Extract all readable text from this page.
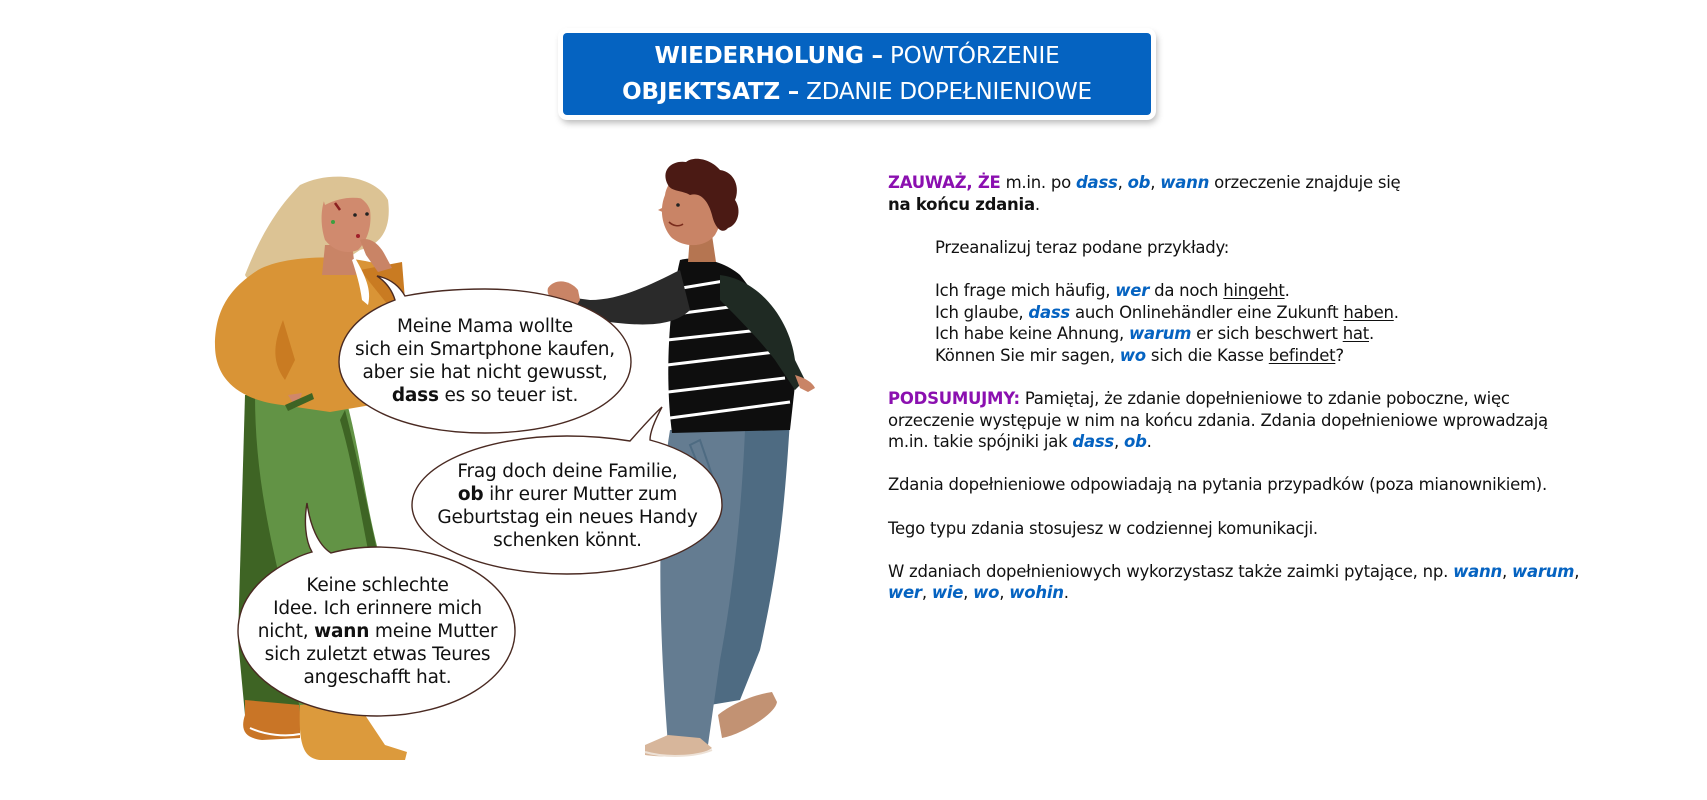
WIEDERHOLUNG – POWTÓRZENIE
OBJEKTSATZ – ZDANIE DOPEŁNIENIOWE
Meine Mama wollte
sich ein Smartphone kaufen,
aber sie hat nicht gewusst,
dass es so teuer ist.
Frag doch deine Familie,
ob ihr eurer Mutter zum
Geburtstag ein neues Handy
schenken könnt.
Keine schlechte
Idee. Ich erinnere mich
nicht, wann meine Mutter
sich zuletzt etwas Teures
angeschafft hat.

ZAUWAŻ, ŻE m.in. po dass, ob, wann orzeczenie znajduje się
na końcu zdania.

Przeanalizuj teraz podane przykłady:

Ich frage mich häufig, wer da noch hingeht.

Ich glaube, dass auch Onlinehändler eine Zukunft haben.

Ich habe keine Ahnung, warum er sich beschwert hat.

Können Sie mir sagen, wo sich die Kasse befindet?

PODSUMUJMY: Pamiętaj, że zdanie dopełnieniowe to zdanie poboczne, więc
orzeczenie występuje w nim na końcu zdania. Zdania dopełnieniowe wprowadzają
m.in. takie spójniki jak dass, ob.

Zdania dopełnieniowe odpowiadają na pytania przypadków (poza mianownikiem).

Tego typu zdania stosujesz w codziennej komunikacji.

W zdaniach dopełnieniowych wykorzystasz także zaimki pytające, np. wann, warum,
wer, wie, wo, wohin.
